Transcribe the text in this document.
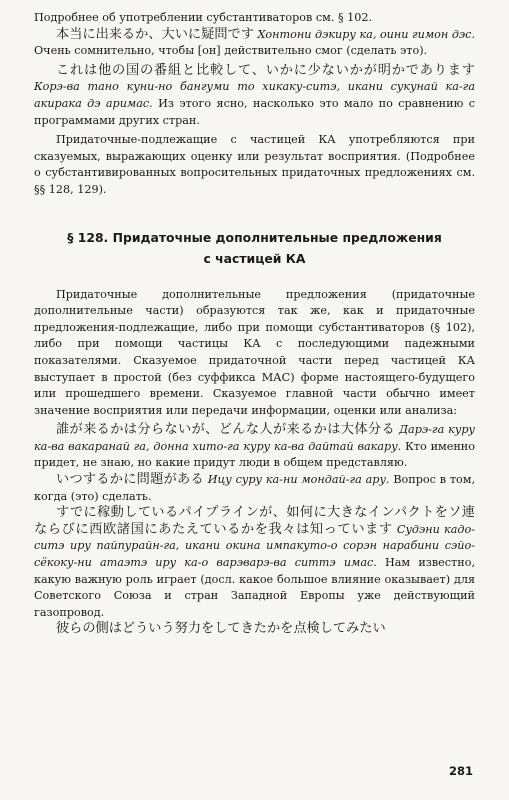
Подробнее об употреблении субстантиваторов см. § 102.

本当に出来るか、大いに疑問です Хонтони дэкиру ка, оини гимон дэс. Очень сомнительно, чтобы [он] действительно смог (сделать это).

これは他の国の番組と比較して、いかに少ないかが明かであります Корэ-ва тано куни-но бангуми то хикаку-ситэ, икани сукунай ка-га акирака дэ аримас. Из этого ясно, насколько это мало по сравнению с программами других стран.

Придаточные-подлежащие с частицей КА употребляются при сказуемых, выражающих оценку или результат восприятия. (Подробнее о субстантивированных вопросительных придаточных предложениях см. §§ 128, 129).

§ 128. Придаточные дополнительные предложения
с частицей КА

Придаточные дополнительные предложения (придаточные дополнительные части) образуются так же, как и придаточные предложения-подлежащие, либо при помощи субстантиваторов (§ 102), либо при помощи частицы КА с последующими падежными показателями. Сказуемое придаточной части перед частицей КА выступает в простой (без суффикса МАС) форме настоящего-будущего или прошедшего времени. Сказуемое главной части обычно имеет значение восприятия или передачи информации, оценки или анализа:

誰が来るかは分らないが、どんな人が来るかは大体分る Дарэ-га куру ка-ва вакаранай га, донна хито-га куру ка-ва дайтай вакару. Кто именно придет, не знаю, но какие придут люди в общем представляю.

いつするかに問題がある Ицу суру ка-ни мондай-га ару. Вопрос в том, когда (это) сделать.

すでに稼動しているパイプラインが、如何に大きなインパクトをソ連ならびに西欧諸国にあたえているかを我々は知っています Судэни кадо-ситэ иру пайпурайн-га, икани окина импакуто-о сорэн нарабини сэйо-сёкоку-ни атаэтэ иру ка-о варэварэ-ва ситтэ имас. Нам известно, какую важную роль играет (досл. какое большое влияние оказывает) для Советского Союза и стран Западной Европы уже действующий газопровод.

彼らの側はどういう努力をしてきたかを点検してみたい

281
